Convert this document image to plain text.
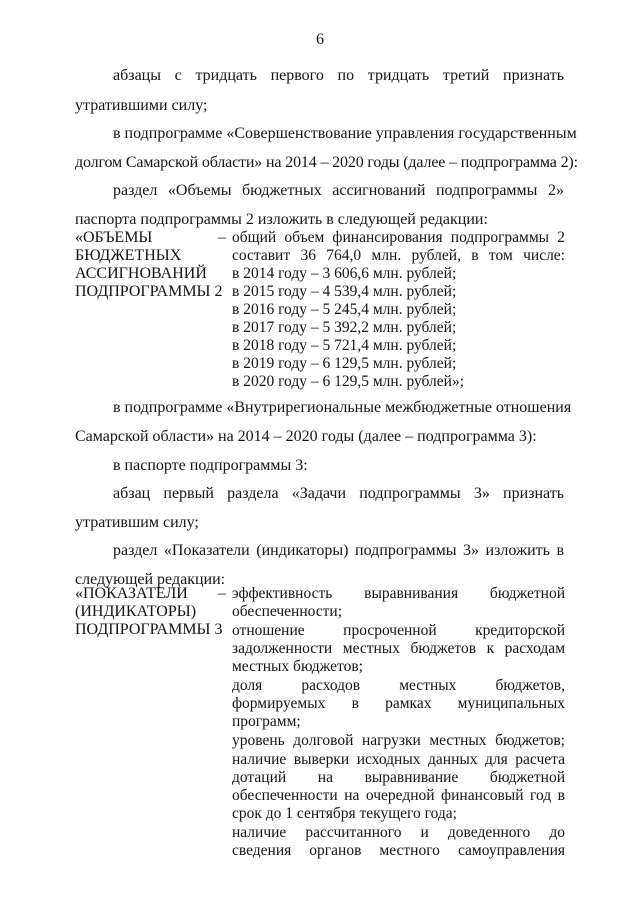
6
абзацы с тридцать первого по тридцать третий признать
утратившими силу;
в подпрограмме «Совершенствование управления государственным
долгом Самарской области» на 2014 – 2020 годы (далее – подпрограмма 2):
раздел «Объемы бюджетных ассигнований подпрограммы 2»
паспорта подпрограммы 2 изложить в следующей редакции:
«ОБЪЕМЫ
БЮДЖЕТНЫХ
АССИГНОВАНИЙ
ПОДПРОГРАММЫ 2
– общий объем финансирования подпрограммы 2
составит 36 764,0 млн. рублей, в том числе:
в 2014 году – 3 606,6 млн. рублей;
в 2015 году – 4 539,4 млн. рублей;
в 2016 году – 5 245,4 млн. рублей;
в 2017 году – 5 392,2 млн. рублей;
в 2018 году – 5 721,4 млн. рублей;
в 2019 году – 6 129,5 млн. рублей;
в 2020 году – 6 129,5 млн. рублей»;
в подпрограмме «Внутрирегиональные межбюджетные отношения
Самарской области» на 2014 – 2020 годы (далее – подпрограмма 3):
в паспорте подпрограммы 3:
абзац первый раздела «Задачи подпрограммы 3» признать
утратившим силу;
раздел «Показатели (индикаторы) подпрограммы 3» изложить в
следующей редакции:
«ПОКАЗАТЕЛИ
(ИНДИКАТОРЫ)
ПОДПРОГРАММЫ 3
– эффективность выравнивания бюджетной
обеспеченности;
отношение просроченной кредиторской
задолженности местных бюджетов к расходам
местных бюджетов;
доля расходов местных бюджетов,
формируемых в рамках муниципальных
программ;
уровень долговой нагрузки местных бюджетов;
наличие выверки исходных данных для расчета
дотаций на выравнивание бюджетной
обеспеченности на очередной финансовый год в
срок до 1 сентября текущего года;
наличие рассчитанного и доведенного до
сведения органов местного самоуправления
